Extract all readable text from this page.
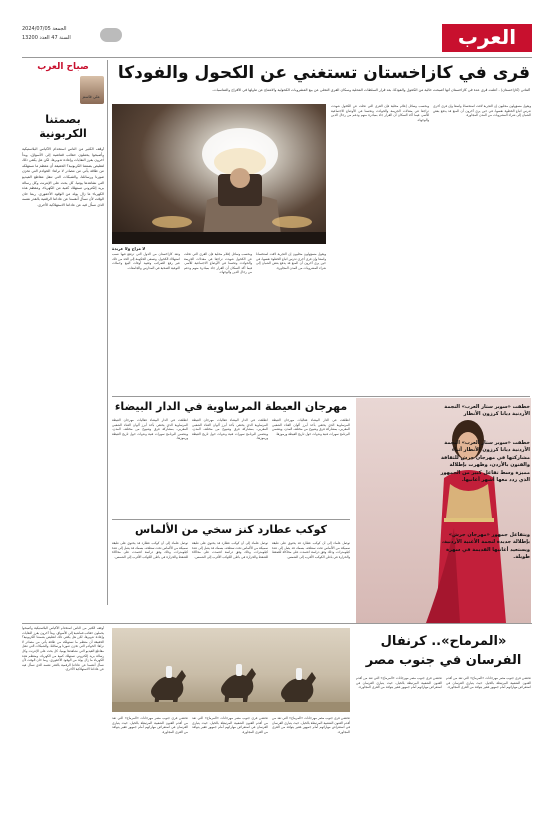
العرب
الجمعة 2024/07/05
السنة 47 العدد 13200
صباح العرب
علي قاسم
بصمتنا الكربونية
أوقف الكثير من الناس استخدام الأكياس البلاستيكية وأصبحوا يحملون حقائب قماشية إلى الأسواق، وبدأ آخرون بفرز النفايات وإعادة تدويرها، لكن هل يكفي ذلك لتقليص بصمتنا الكربونية؟ الحقيقة أن معظم ما نستهلكه من طاقة يأتي من مصادر لا نراها: الخوادم التي تخزن صورنا ورسائلنا، والشبكات التي تنقل مقاطع الفيديو التي نشاهدها يوميا. كل بحث على الإنترنت وكل رسالة بريد إلكتروني تستهلك كمية من الكهرباء، ومعظم هذه الكهرباء ما زال يولد من الوقود الأحفوري. ربما حان الوقت لأن نسأل أنفسنا عن عاداتنا الرقمية بالقدر نفسه الذي نسأل فيه عن عاداتنا الاستهلاكية الأخرى.
قرى في كازاخستان تستغني عن الكحول والفودكا
ألماتي (كازاخستان) - أعلنت قرى عدة في كازاخستان أنها أصبحت خالية من الكحول والفودكا، بعد قرار السلطات المحلية وسكان القرى التخلي عن بيع المشروبات الكحولية والامتناع عن تناولها في الأفراح والمناسبات.
لا مزاح ولا عربدة
وبحسب وسائل إعلام محلية فإن القرى التي تخلت عن الكحول شهدت تراجعا في معدلات الجريمة والحوادث وتحسنا في الأوضاع الاجتماعية للأسر، فيما أكد السكان أن القرار جاء بمبادرة منهم ودعم من رجال الدين والوجهاء.
ويقول مسؤولون محليون إن التجربة لاقت استحسانا واسعا وإن قرى أخرى تدرس اتباع الخطوة نفسها، في حين يرى آخرون أن المنع قد يدفع بعض الشبان إلى شراء المشروبات من المدن المجاورة.
وتعد كازاخستان من الدول التي ترتفع فيها نسب استهلاك الكحول، وتسعى الحكومة إلى الحد من ذلك عبر رفع الضرائب وتقييد أوقات البيع وحملات التوعية الصحية في المدارس والجامعات.
وبحسب وسائل إعلام محلية فإن القرى التي تخلت عن الكحول شهدت تراجعا في معدلات الجريمة والحوادث وتحسنا في الأوضاع الاجتماعية للأسر، فيما أكد السكان أن القرار جاء بمبادرة منهم ودعم من رجال الدين والوجهاء.
ويقول مسؤولون محليون إن التجربة لاقت استحسانا واسعا وإن قرى أخرى تدرس اتباع الخطوة نفسها، في حين يرى آخرون أن المنع قد يدفع بعض الشبان إلى شراء المشروبات من المدن المجاورة.
مهرجان العيطة المرساوية في الدار البيضاء
انطلقت في الدار البيضاء فعاليات مهرجان العيطة المرساوية الذي يحتفي بأحد أبرز ألوان الغناء الشعبي المغربي، بمشاركة فرق وشيوخ من مختلف المدن، ويتضمن البرنامج سهرات فنية وندوات حول تاريخ العيطة ورموزها.
انطلقت في الدار البيضاء فعاليات مهرجان العيطة المرساوية الذي يحتفي بأحد أبرز ألوان الغناء الشعبي المغربي، بمشاركة فرق وشيوخ من مختلف المدن، ويتضمن البرنامج سهرات فنية وندوات حول تاريخ العيطة ورموزها.
انطلقت في الدار البيضاء فعاليات مهرجان العيطة المرساوية الذي يحتفي بأحد أبرز ألوان الغناء الشعبي المغربي، بمشاركة فرق وشيوخ من مختلف المدن، ويتضمن البرنامج سهرات فنية وندوات حول تاريخ العيطة ورموزها.
كوكب عطارد كنز سخي من الألماس
توصل علماء إلى أن كوكب عطارد قد يحتوي على طبقة سميكة من الألماس تحت سطحه، بسمك قد يصل إلى عدة كيلومترات، وذلك وفق دراسة اعتمدت على محاكاة للضغط والحرارة في باطن الكوكب الأقرب إلى الشمس.
توصل علماء إلى أن كوكب عطارد قد يحتوي على طبقة سميكة من الألماس تحت سطحه، بسمك قد يصل إلى عدة كيلومترات، وذلك وفق دراسة اعتمدت على محاكاة للضغط والحرارة في باطن الكوكب الأقرب إلى الشمس.
توصل علماء إلى أن كوكب عطارد قد يحتوي على طبقة سميكة من الألماس تحت سطحه، بسمك قد يصل إلى عدة كيلومترات، وذلك وفق دراسة اعتمدت على محاكاة للضغط والحرارة في باطن الكوكب الأقرب إلى الشمس.
خطفت «سوبر ستار العرب» النجمة الأردنية ديانا كرزون الأنظار
خطفت «سوبر ستار العرب» النجمة الأردنية ديانا كرزون الأنظار أثناء مشاركتها في مهرجان جرش للثقافة والفنون بالأردن، وظهرت بإطلالة مميزة وسط تفاعل كبير من الجمهور الذي ردد معها أشهر أغانيها.
ويتفاعل جمهور «مهرجان جرش» بإطلالة جديدة لنجمة الأغنية الأردنية، ويستعيد أغانيها القديمة في سهرة طويلة.
أوقف الكثير من الناس استخدام الأكياس البلاستيكية وأصبحوا يحملون حقائب قماشية إلى الأسواق، وبدأ آخرون بفرز النفايات وإعادة تدويرها، لكن هل يكفي ذلك لتقليص بصمتنا الكربونية؟ الحقيقة أن معظم ما نستهلكه من طاقة يأتي من مصادر لا نراها: الخوادم التي تخزن صورنا ورسائلنا، والشبكات التي تنقل مقاطع الفيديو التي نشاهدها يوميا. كل بحث على الإنترنت وكل رسالة بريد إلكتروني تستهلك كمية من الكهرباء، ومعظم هذه الكهرباء ما زال يولد من الوقود الأحفوري. ربما حان الوقت لأن نسأل أنفسنا عن عاداتنا الرقمية بالقدر نفسه الذي نسأل فيه عن عاداتنا الاستهلاكية الأخرى.
تحتضن قرى جنوب مصر مهرجانات «المرماح» التي تعد من أقدم الفنون الشعبية المرتبطة بالخيل، حيث يتبارى الفرسان في استعراض مهاراتهم أمام جمهور غفير يتوافد من القرى المجاورة.
تحتضن قرى جنوب مصر مهرجانات «المرماح» التي تعد من أقدم الفنون الشعبية المرتبطة بالخيل، حيث يتبارى الفرسان في استعراض مهاراتهم أمام جمهور غفير يتوافد من القرى المجاورة.
تحتضن قرى جنوب مصر مهرجانات «المرماح» التي تعد من أقدم الفنون الشعبية المرتبطة بالخيل، حيث يتبارى الفرسان في استعراض مهاراتهم أمام جمهور غفير يتوافد من القرى المجاورة.
«المرماح».. كرنفال الفرسان في جنوب مصر
تحتضن قرى جنوب مصر مهرجانات «المرماح» التي تعد من أقدم الفنون الشعبية المرتبطة بالخيل، حيث يتبارى الفرسان في استعراض مهاراتهم أمام جمهور غفير يتوافد من القرى المجاورة.
تحتضن قرى جنوب مصر مهرجانات «المرماح» التي تعد من أقدم الفنون الشعبية المرتبطة بالخيل، حيث يتبارى الفرسان في استعراض مهاراتهم أمام جمهور غفير يتوافد من القرى المجاورة.
